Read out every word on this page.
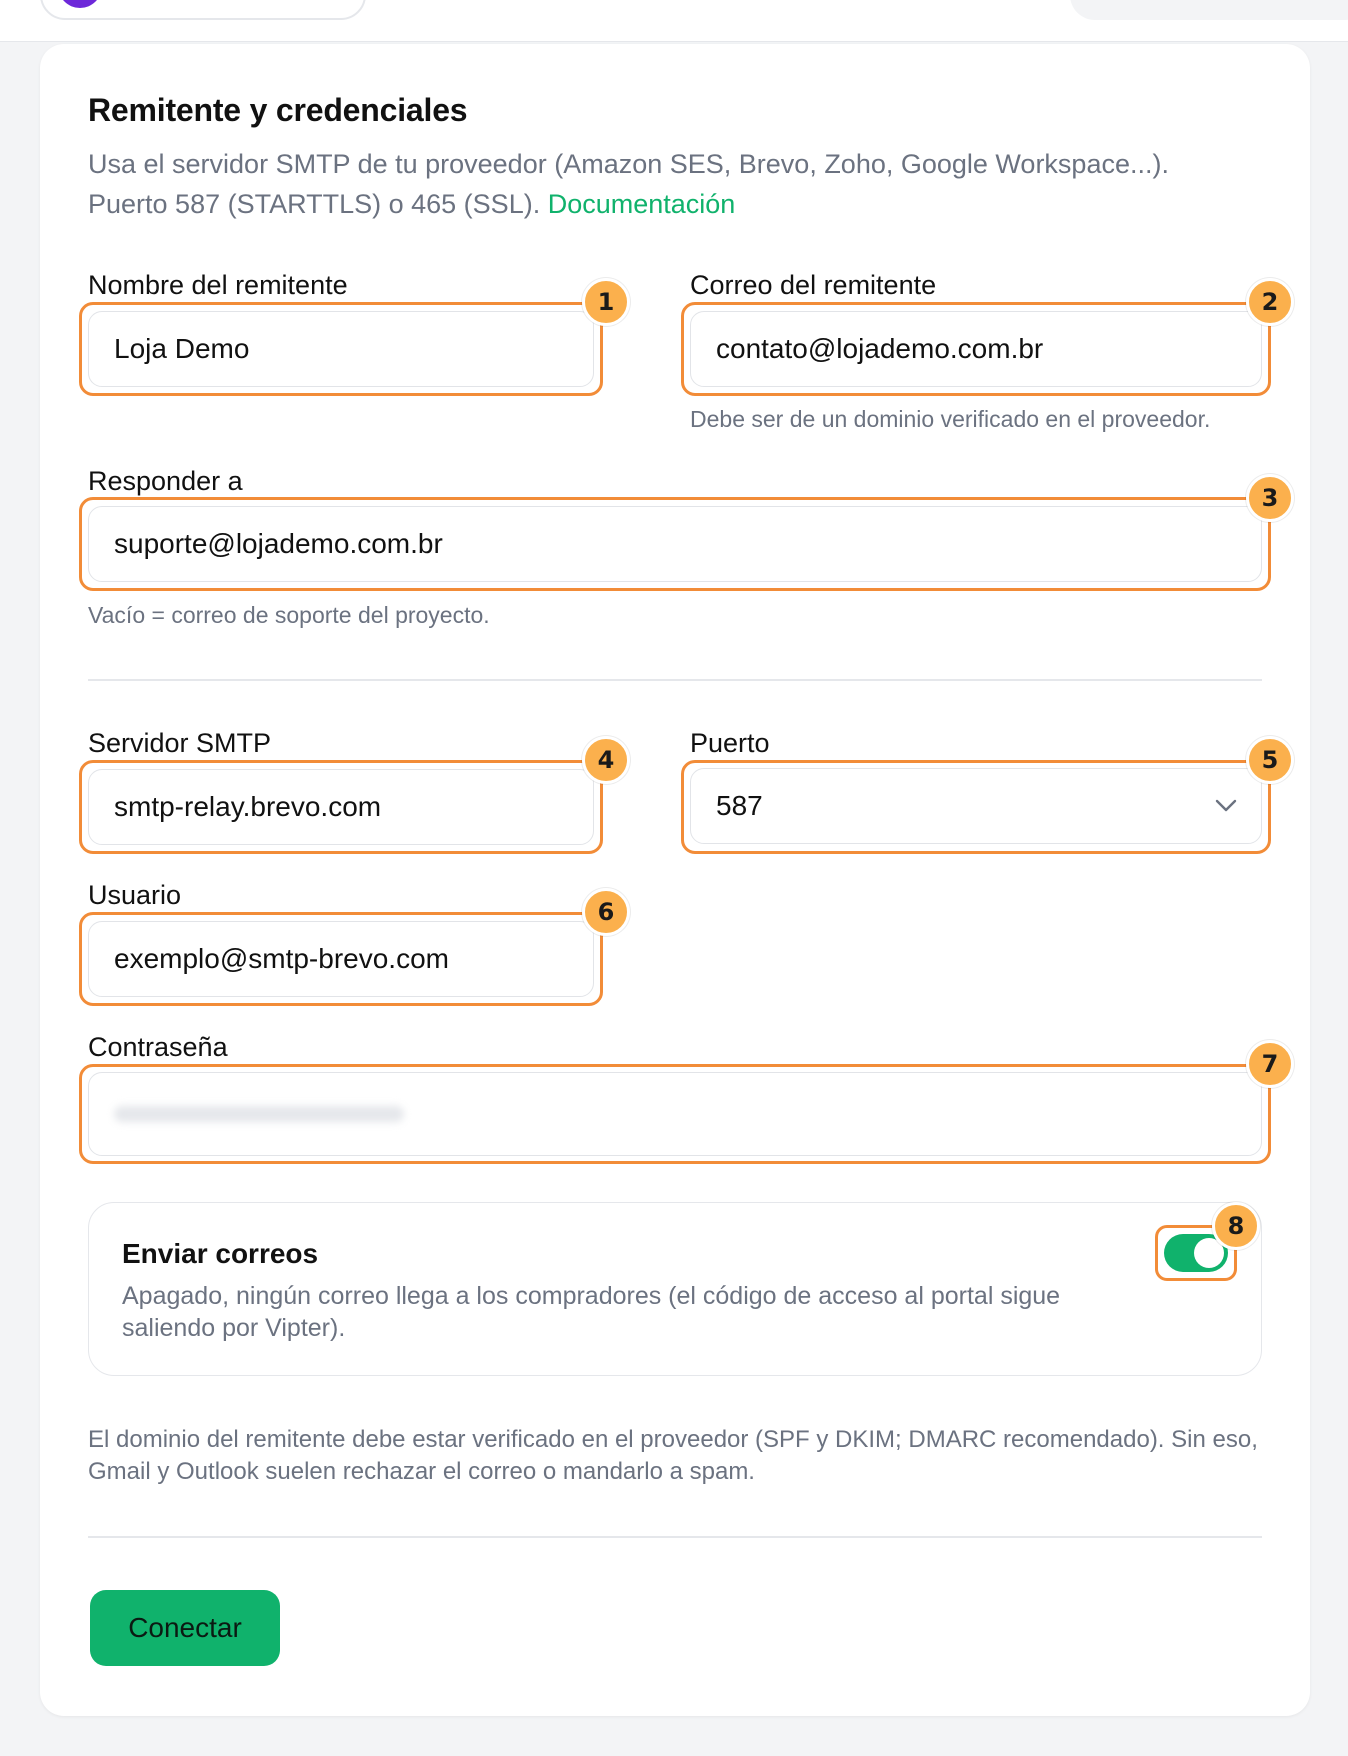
Remitente y credenciales
Usa el servidor SMTP de tu proveedor (Amazon SES, Brevo, Zoho, Google Workspace...).
Puerto 587 (STARTTLS) o 465 (SSL). Documentación
Nombre del remitente
Loja Demo
1
Correo del remitente
contato@lojademo.com.br
2
Debe ser de un dominio verificado en el proveedor.
Responder a
suporte@lojademo.com.br
3
Vacío = correo de soporte del proyecto.
Servidor SMTP
smtp-relay.brevo.com
4
Puerto
587
5
Usuario
exemplo@smtp-brevo.com
6
Contraseña
7
Enviar correos
Apagado, ningún correo llega a los compradores (el código de acceso al portal sigue
saliendo por Vipter).
8
El dominio del remitente debe estar verificado en el proveedor (SPF y DKIM; DMARC recomendado). Sin eso,
Gmail y Outlook suelen rechazar el correo o mandarlo a spam.
Conectar
